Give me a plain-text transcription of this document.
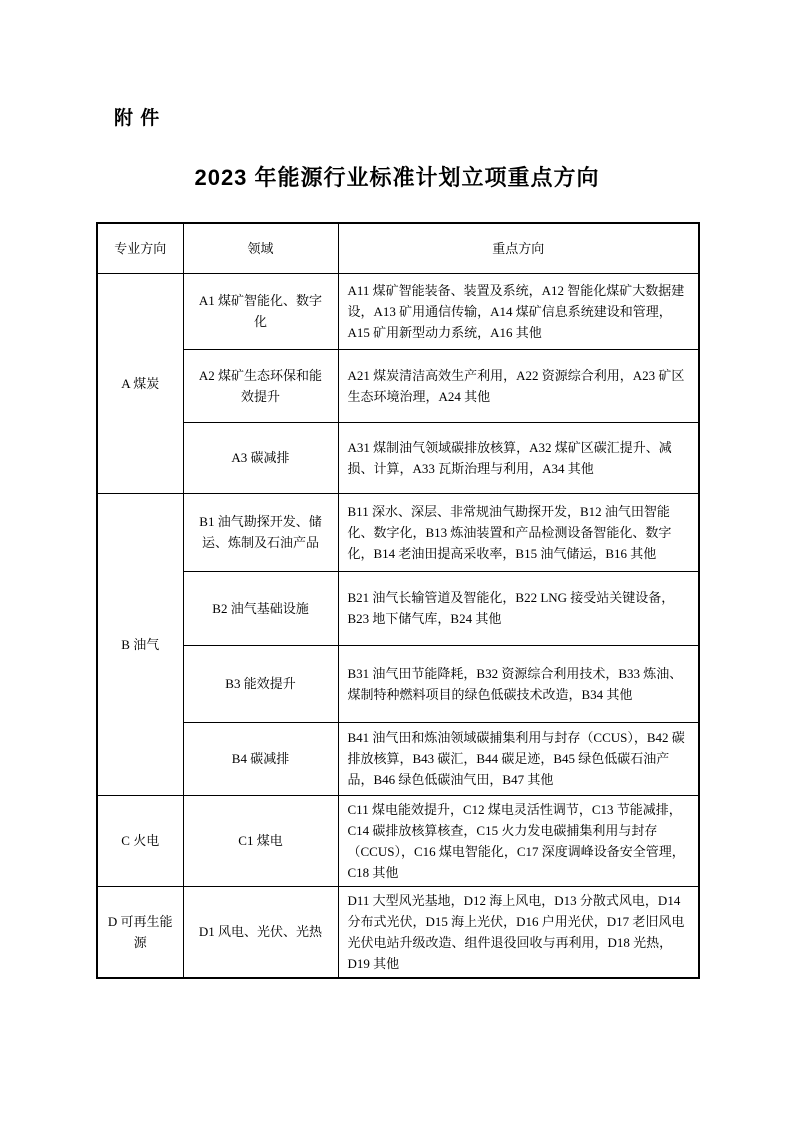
附 件
2023 年能源行业标准计划立项重点方向
专业方向	领域	重点方向
A 煤炭	A1 煤矿智能化、数字化	A11 煤矿智能装备、装置及系统，A12 智能化煤矿大数据建设，A13 矿用通信传输，A14 煤矿信息系统建设和管理，A15 矿用新型动力系统，A16 其他
	A2 煤矿生态环保和能效提升	A21 煤炭清洁高效生产利用，A22 资源综合利用，A23 矿区生态环境治理，A24 其他
	A3 碳减排	A31 煤制油气领域碳排放核算，A32 煤矿区碳汇提升、减损、计算，A33 瓦斯治理与利用，A34 其他
B 油气	B1 油气勘探开发、储运、炼制及石油产品	B11 深水、深层、非常规油气勘探开发，B12 油气田智能化、数字化，B13 炼油装置和产品检测设备智能化、数字化，B14 老油田提高采收率，B15 油气储运，B16 其他
	B2 油气基础设施	B21 油气长输管道及智能化，B22 LNG 接受站关键设备，B23 地下储气库，B24 其他
	B3 能效提升	B31 油气田节能降耗，B32 资源综合利用技术，B33 炼油、煤制特种燃料项目的绿色低碳技术改造，B34 其他
	B4 碳减排	B41 油气田和炼油领域碳捕集利用与封存（CCUS），B42 碳排放核算，B43 碳汇，B44 碳足迹，B45 绿色低碳石油产品，B46 绿色低碳油气田，B47 其他
C 火电	C1 煤电	C11 煤电能效提升，C12 煤电灵活性调节，C13 节能减排，C14 碳排放核算核查，C15 火力发电碳捕集利用与封存（CCUS），C16 煤电智能化，C17 深度调峰设备安全管理，C18 其他
D 可再生能源	D1 风电、光伏、光热	D11 大型风光基地，D12 海上风电，D13 分散式风电，D14 分布式光伏，D15 海上光伏，D16 户用光伏，D17 老旧风电光伏电站升级改造、组件退役回收与再利用，D18 光热，D19 其他
